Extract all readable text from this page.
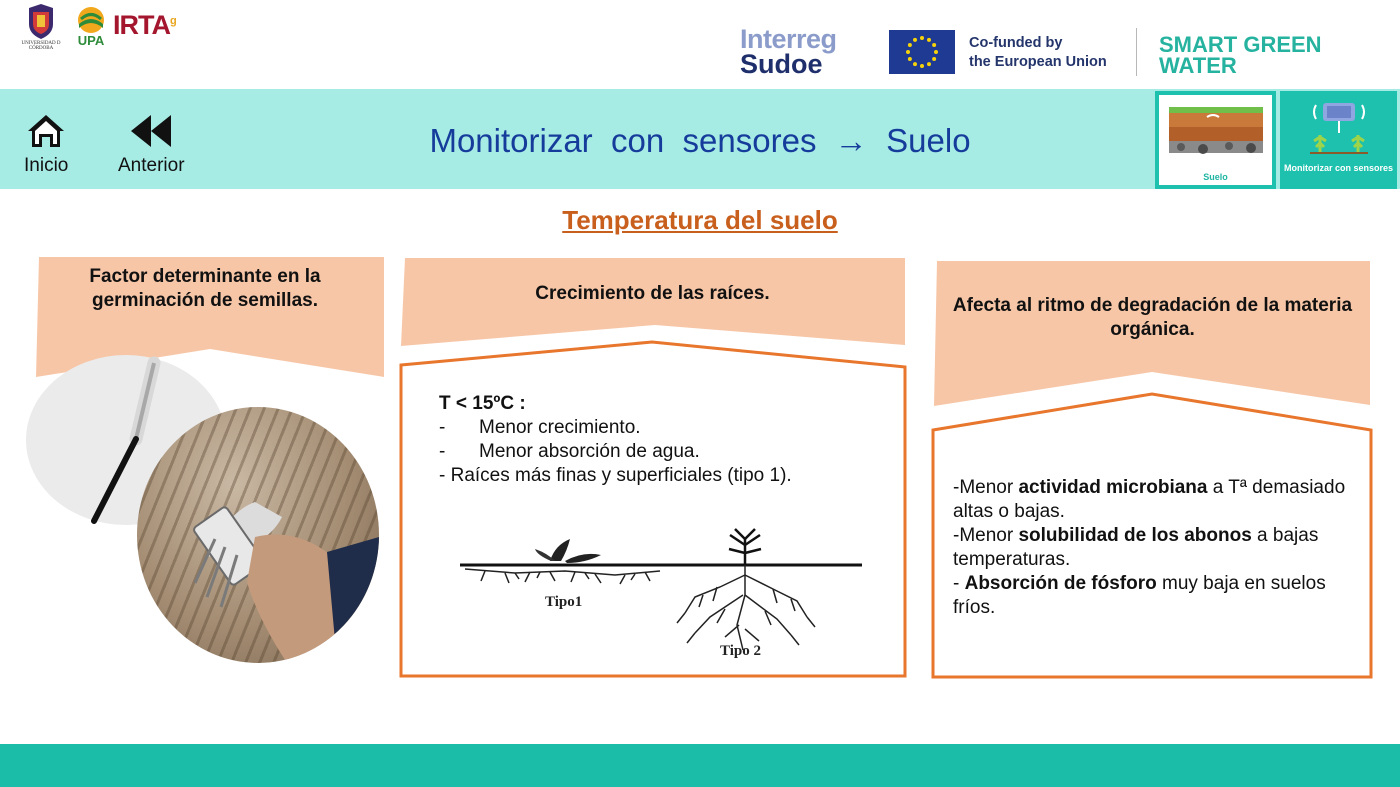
UNIVERSIDAD D CÓRDOBA
UPA
$IRTA^ɡ$
Interreg
Sudoe
Co-funded by
the European Union
SMART GREEN
WATER
Inicio	Anterior
Monitorizar  con  sensores → Suelo
Suelo
Monitorizar con sensores
Temperatura del suelo
Factor determinante en la germinación de semillas.	Crecimiento de las raíces.
Afecta al ritmo de degradación de la materia orgánica.
T < 15ºC :
- Menor crecimiento.
- Menor absorción de agua.
- Raíces más finas y superficiales (tipo 1).
Tipo1
Tipo 2
-Menor actividad microbiana a Tª demasiado altas o bajas.
-Menor solubilidad de los abonos a bajas temperaturas.
- Absorción de fósforo muy baja en suelos fríos.
